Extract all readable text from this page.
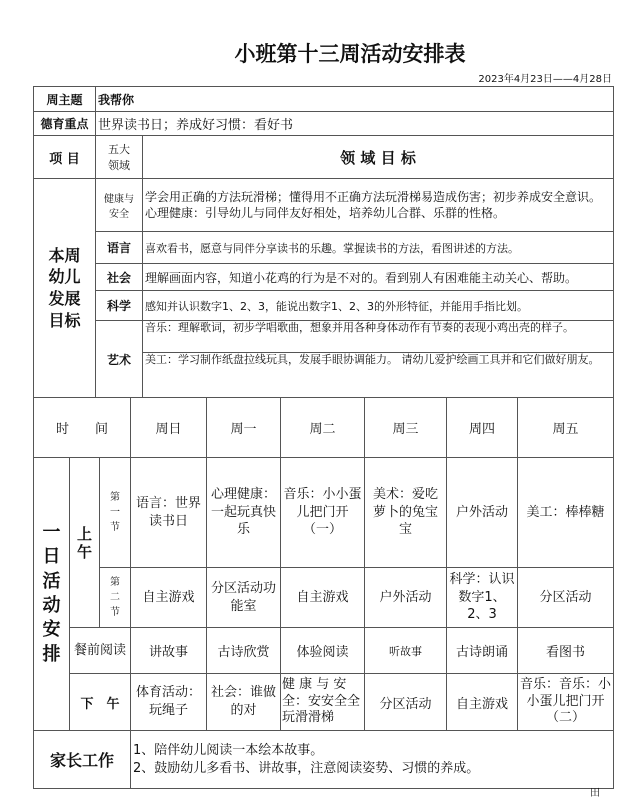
小班第十三周活动安排表
2023年4月23日——4月28日
周主题	我帮你	
德育重点	世界读书日；养成好习惯：看好书	
项 目	五大领域	领 域 目 标
本周幼儿发展目标	健康与安全	学会用正确的方法玩滑梯；懂得用不正确方法玩滑梯易造成伤害；初步养成安全意识。
心理健康：引导幼儿与同伴友好相处，培养幼儿合群、乐群的性格。

	语言	喜欢看书，愿意与同伴分享读书的乐趣。掌握读书的方法，看图讲述的方法。
	社会	理解画面内容，知道小花鸡的行为是不对的。看到别人有困难能主动关心、帮助。
	科学	感知并认识数字1、2、3，能说出数字1、2、3的外形特征，并能用手指比划。
	艺术	音乐：理解歌词，初步学唱歌曲，想象并用各种身体动作有节奏的表现小鸡出壳的样子。
美工：学习制作纸盘拉线玩具，发展手眼协调能力。 请幼儿爱护绘画工具并和它们做好朋友。
时　　间			周日	周一	周二	周三	周四	周五
一日活动安排	上午	第一节	语言：世界读书日	心理健康：一起玩真快乐	音乐：小小蛋儿把门开（一）	美术：爱吃萝卜的兔宝宝	户外活动	美工：棒棒糖
		第二节	自主游戏	分区活动功能室	自主游戏	户外活动	科学：认识数字1、2、3	分区活动
	餐前阅读		讲故事	古诗欣赏	体验阅读	听故事	古诗朗诵	看图书
	下　午		体育活动：玩绳子	社会：谁做的对	健 康 与 安全：安安全全玩滑滑梯	分区活动	自主游戏	音乐：音乐：小小蛋儿把门开（二）
家长工作			1、陪伴幼儿阅读一本绘本故事。
2、鼓励幼儿多看书、讲故事，注意阅读姿势、习惯的养成。					
田
